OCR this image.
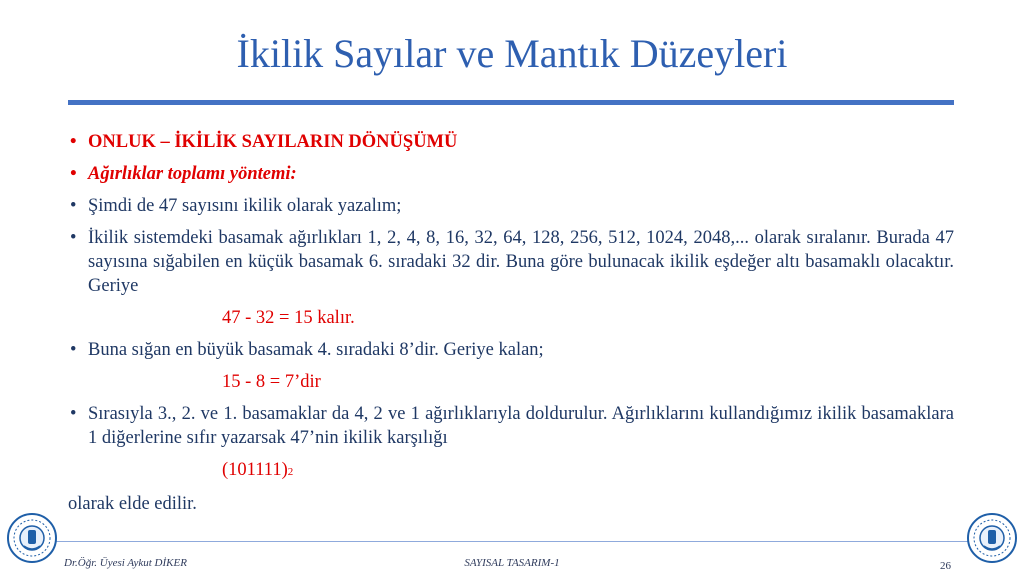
İkilik Sayılar ve Mantık Düzeyleri
• ONLUK – İKİLİK SAYILARIN DÖNÜŞÜMÜ
• Ağırlıklar toplamı yöntemi:
• Şimdi de 47 sayısını ikilik olarak yazalım;
• İkilik sistemdeki basamak ağırlıkları 1, 2, 4, 8, 16, 32, 64, 128, 256, 512, 1024, 2048,... olarak sıralanır. Burada 47 sayısına sığabilen en küçük basamak 6. sıradaki 32 dir. Buna göre bulunacak ikilik eşdeğer altı basamaklı olacaktır. Geriye
47 - 32 = 15 kalır.
• Buna sığan en büyük basamak 4. sıradaki 8’dir. Geriye kalan;
15 - 8 = 7’dir
• Sırasıyla 3., 2. ve 1. basamaklar da 4, 2 ve 1 ağırlıklarıyla doldurulur. Ağırlıklarını kullandığımız ikilik basamaklara 1 diğerlerine sıfır yazarsak 47’nin ikilik karşılığı
(101111)2
olarak elde edilir.
Dr.Öğr. Üyesi Aykut DİKER	SAYISAL TASARIM-1	26
